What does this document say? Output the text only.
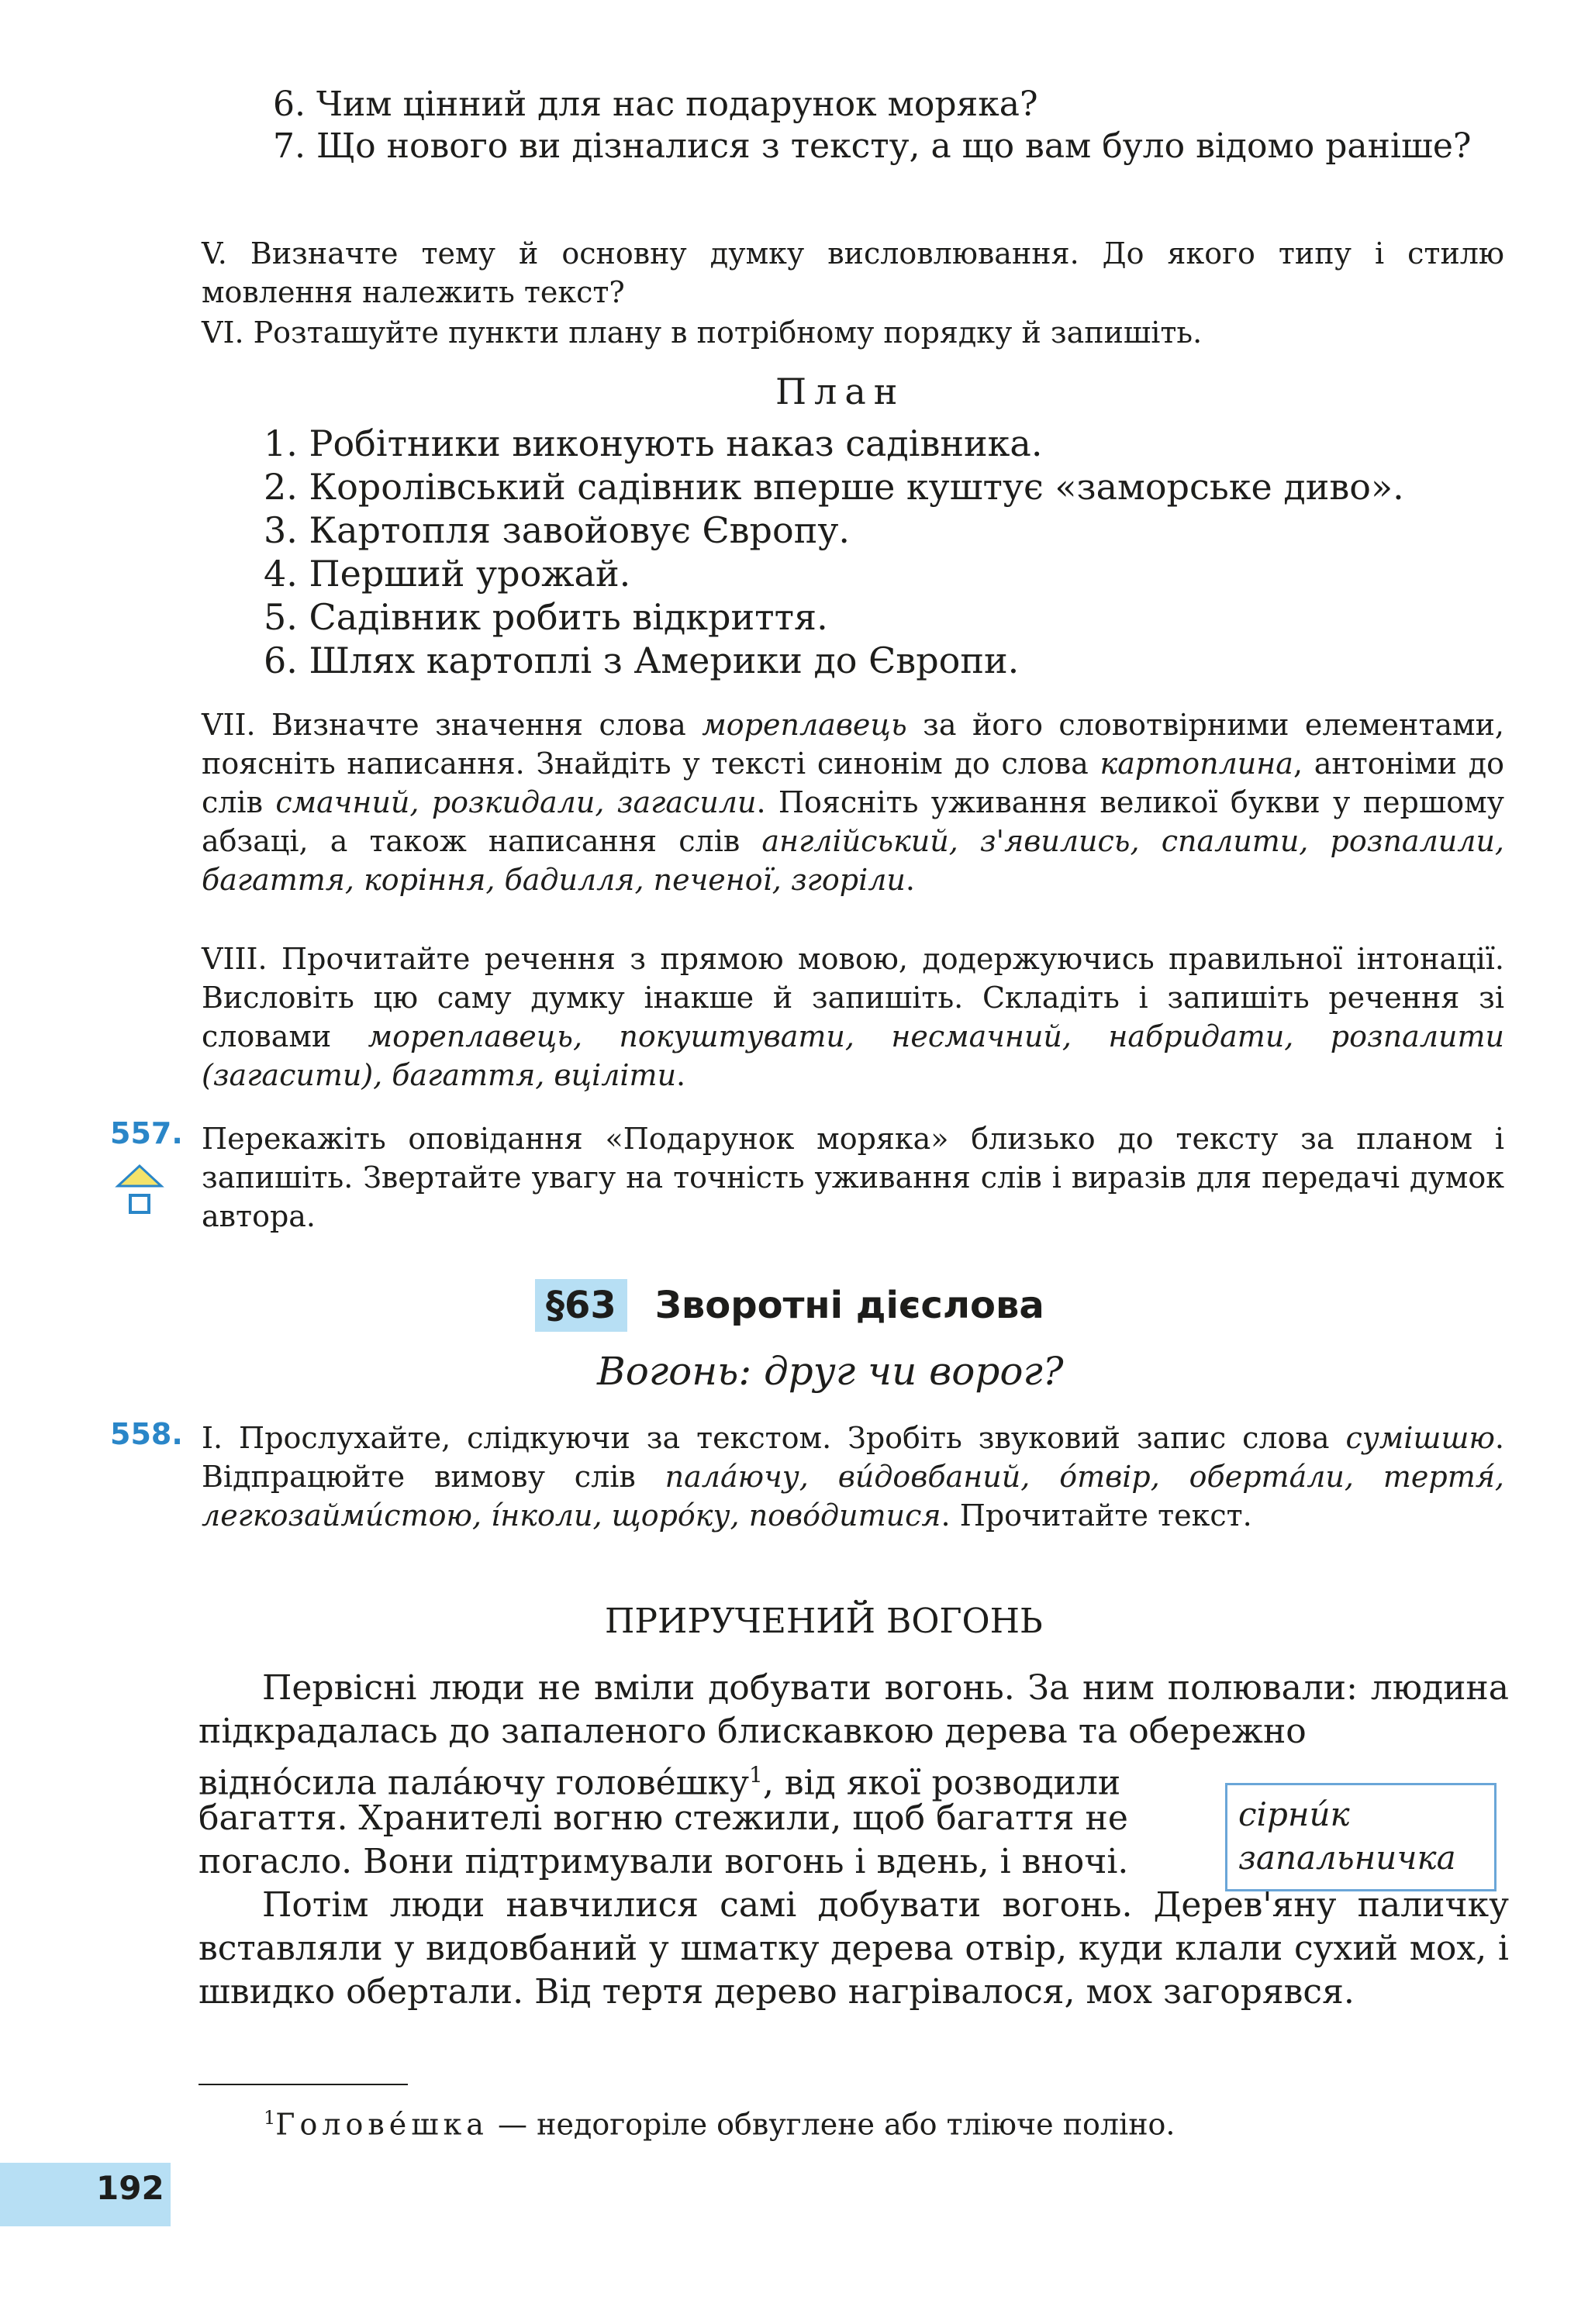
6. Чим цінний для нас подарунок моряка?
7. Що нового ви дізналися з тексту, а що вам було відомо раніше?
V. Визначте тему й основну думку висловлювання. До якого типу і стилю мовлення належить текст?
VI. Розташуйте пункти плану в потрібному порядку й запишіть.
План
1. Робітники виконують наказ садівника.
2. Королівський садівник вперше куштує «заморське диво».
3. Картопля завойовує Європу.
4. Перший урожай.
5. Садівник робить відкриття.
6. Шлях картоплі з Америки до Європи.
VII. Визначте значення слова мореплавець за його словотвірними елементами, поясніть написання. Знайдіть у тексті синонім до слова картоплина, антоніми до слів смачний, розкидали, загасили. Поясніть уживання великої букви у першому абзаці, а також написання слів англійський, з'явились, спалити, розпалили, багаття, коріння, бадилля, печеної, згоріли.
VIII. Прочитайте речення з прямою мовою, додержуючись правильної інтонації. Висловіть цю саму думку інакше й запишіть. Складіть і запишіть речення зі словами мореплавець, покуштувати, несмачний, набридати, розпалити (загасити), багаття, вціліти.
557. Перекажіть оповідання «Подарунок моряка» близько до тексту за планом і запишіть. Звертайте увагу на точність уживання слів і виразів для передачі думок автора.
§63 Зворотні дієслова
Вогонь: друг чи ворог?
558. І. Прослухайте, слідкуючи за текстом. Зробіть звуковий запис слова сумішшю. Відпрацюйте вимову слів пала́ючу, ви́довбаний, о́твір, оберта́ли, тертя́, легкозайми́стою, і́нколи, щоро́ку, пово́дитися. Прочитайте текст.
ПРИРУЧЕНИЙ ВОГОНЬ
Первісні люди не вміли добувати вогонь. За ним полювали: людина підкрадалась до запаленого блискавкою дерева та обережно
відно́сила пала́ючу голове́шку$^1$, від якої розводили
багаття. Хранителі вогню стежили, щоб багаття не
погасло. Вони підтримували вогонь і вдень, і вночі.
сірни́к
запальничка
Потім люди навчилися самі добувати вогонь. Дерев'яну паличку вставляли у видовбаний у шматку дерева отвір, куди клали сухий мох, і швидко обертали. Від тертя дерево нагрівалося, мох загорявся.
$^1$Голове́шка — недогоріле обвуглене або тліюче поліно.
192
